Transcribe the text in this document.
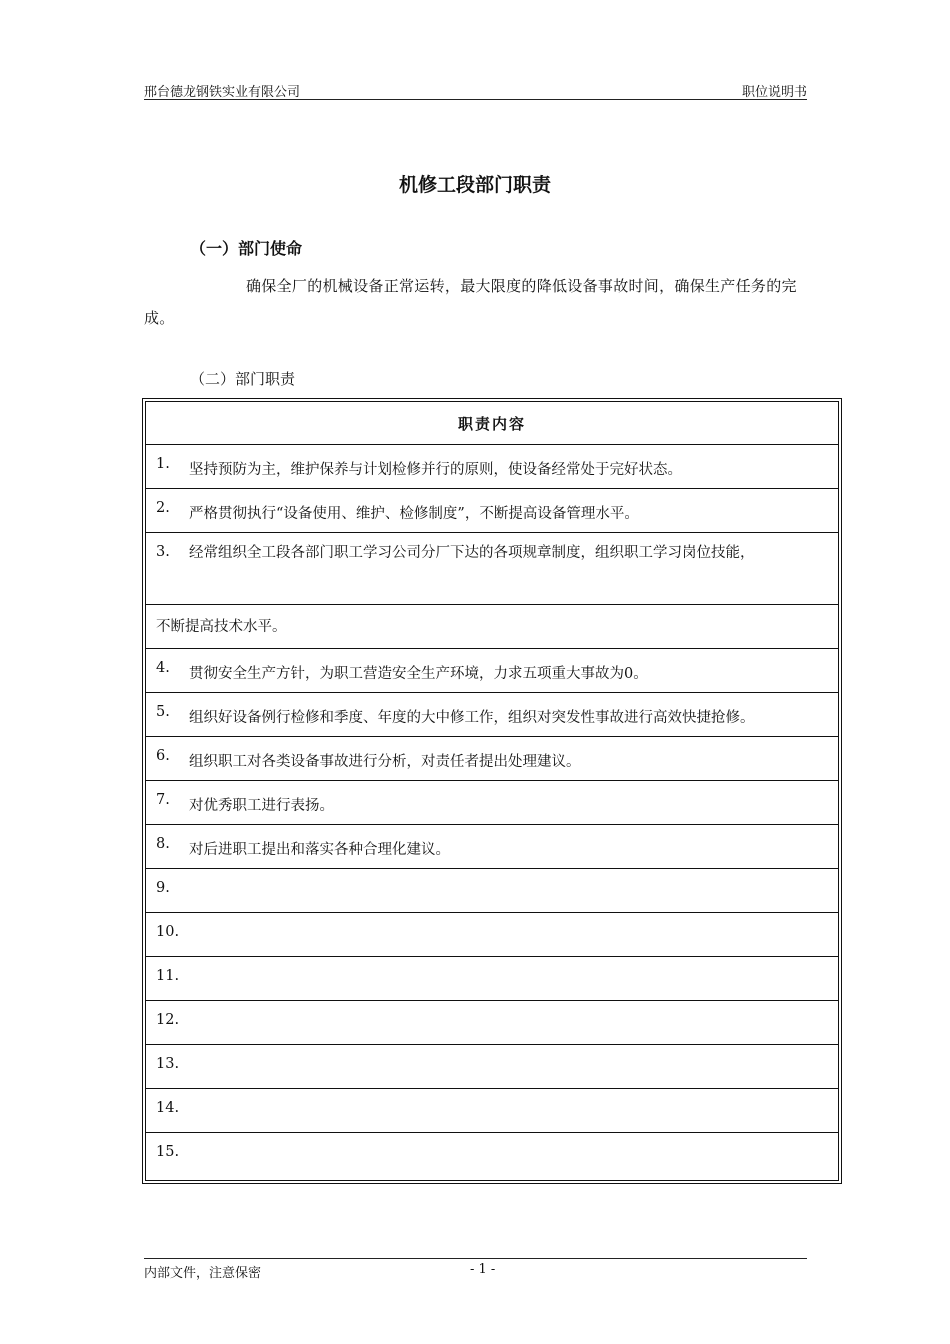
邢台德龙钢铁实业有限公司	职位说明书
机修工段部门职责
（一）部门使命
确保全厂的机械设备正常运转，最大限度的降低设备事故时间，确保生产任务的完成。
（二）部门职责
职责内容
1. 坚持预防为主，维护保养与计划检修并行的原则，使设备经常处于完好状态。
2. 严格贯彻执行“设备使用、维护、检修制度”，不断提高设备管理水平。
3. 经常组织全工段各部门职工学习公司分厂下达的各项规章制度，组织职工学习岗位技能，
不断提高技术水平。
4. 贯彻安全生产方针，为职工营造安全生产环境，力求五项重大事故为0。
5. 组织好设备例行检修和季度、年度的大中修工作，组织对突发性事故进行高效快捷抢修。
6. 组织职工对各类设备事故进行分析，对责任者提出处理建议。
7. 对优秀职工进行表扬。
8. 对后进职工提出和落实各种合理化建议。
9.
10.
11.
12.
13.
14.
15.
内部文件，注意保密	- 1 -
